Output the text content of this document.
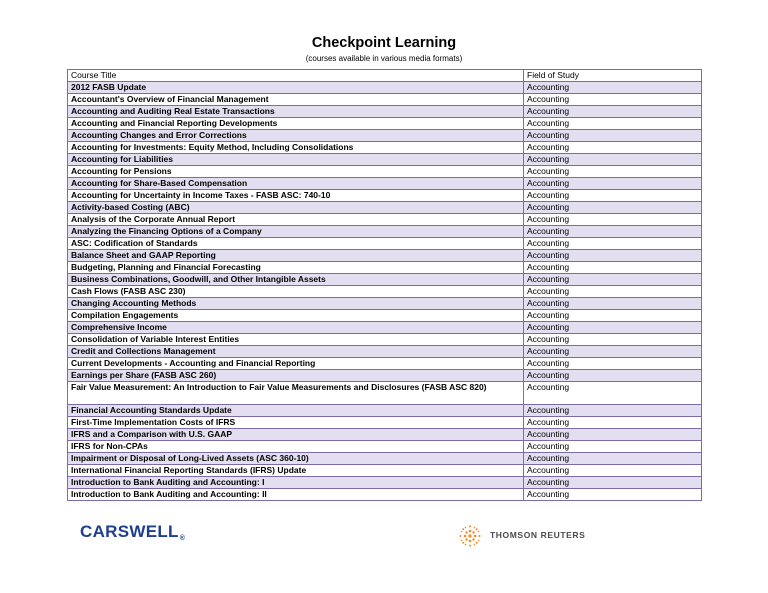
Checkpoint Learning
(courses available in various media formats)
Course Title	Field of Study
2012 FASB Update	Accounting
Accountant's Overview of Financial Management	Accounting
Accounting and Auditing Real Estate Transactions	Accounting
Accounting and Financial Reporting Developments	Accounting
Accounting Changes and Error Corrections	Accounting
Accounting for Investments: Equity Method, Including Consolidations	Accounting
Accounting for Liabilities	Accounting
Accounting for Pensions	Accounting
Accounting for Share-Based Compensation	Accounting
Accounting for Uncertainty in Income Taxes - FASB ASC: 740-10	Accounting
Activity-based Costing (ABC)	Accounting
Analysis of the Corporate Annual Report	Accounting
Analyzing the Financing Options of a Company	Accounting
ASC: Codification of Standards	Accounting
Balance Sheet and GAAP Reporting	Accounting
Budgeting, Planning and Financial Forecasting	Accounting
Business Combinations, Goodwill, and Other Intangible Assets	Accounting
Cash Flows (FASB ASC 230)	Accounting
Changing Accounting Methods	Accounting
Compilation Engagements	Accounting
Comprehensive Income	Accounting
Consolidation of Variable Interest Entities	Accounting
Credit and Collections Management	Accounting
Current Developments - Accounting and Financial Reporting	Accounting
Earnings per Share (FASB ASC 260)	Accounting
Fair Value Measurement: An Introduction to Fair Value Measurements and Disclosures (FASB ASC 820)	Accounting
Financial Accounting Standards Update	Accounting
First-Time Implementation Costs of IFRS	Accounting
IFRS and a Comparison with U.S. GAAP	Accounting
IFRS for Non-CPAs	Accounting
Impairment or Disposal of Long-Lived Assets (ASC 360-10)	Accounting
International Financial Reporting Standards (IFRS) Update	Accounting
Introduction to Bank Auditing and Accounting: I	Accounting
Introduction to Bank Auditing and Accounting: II	Accounting
CARSWELL®	THOMSON REUTERS
